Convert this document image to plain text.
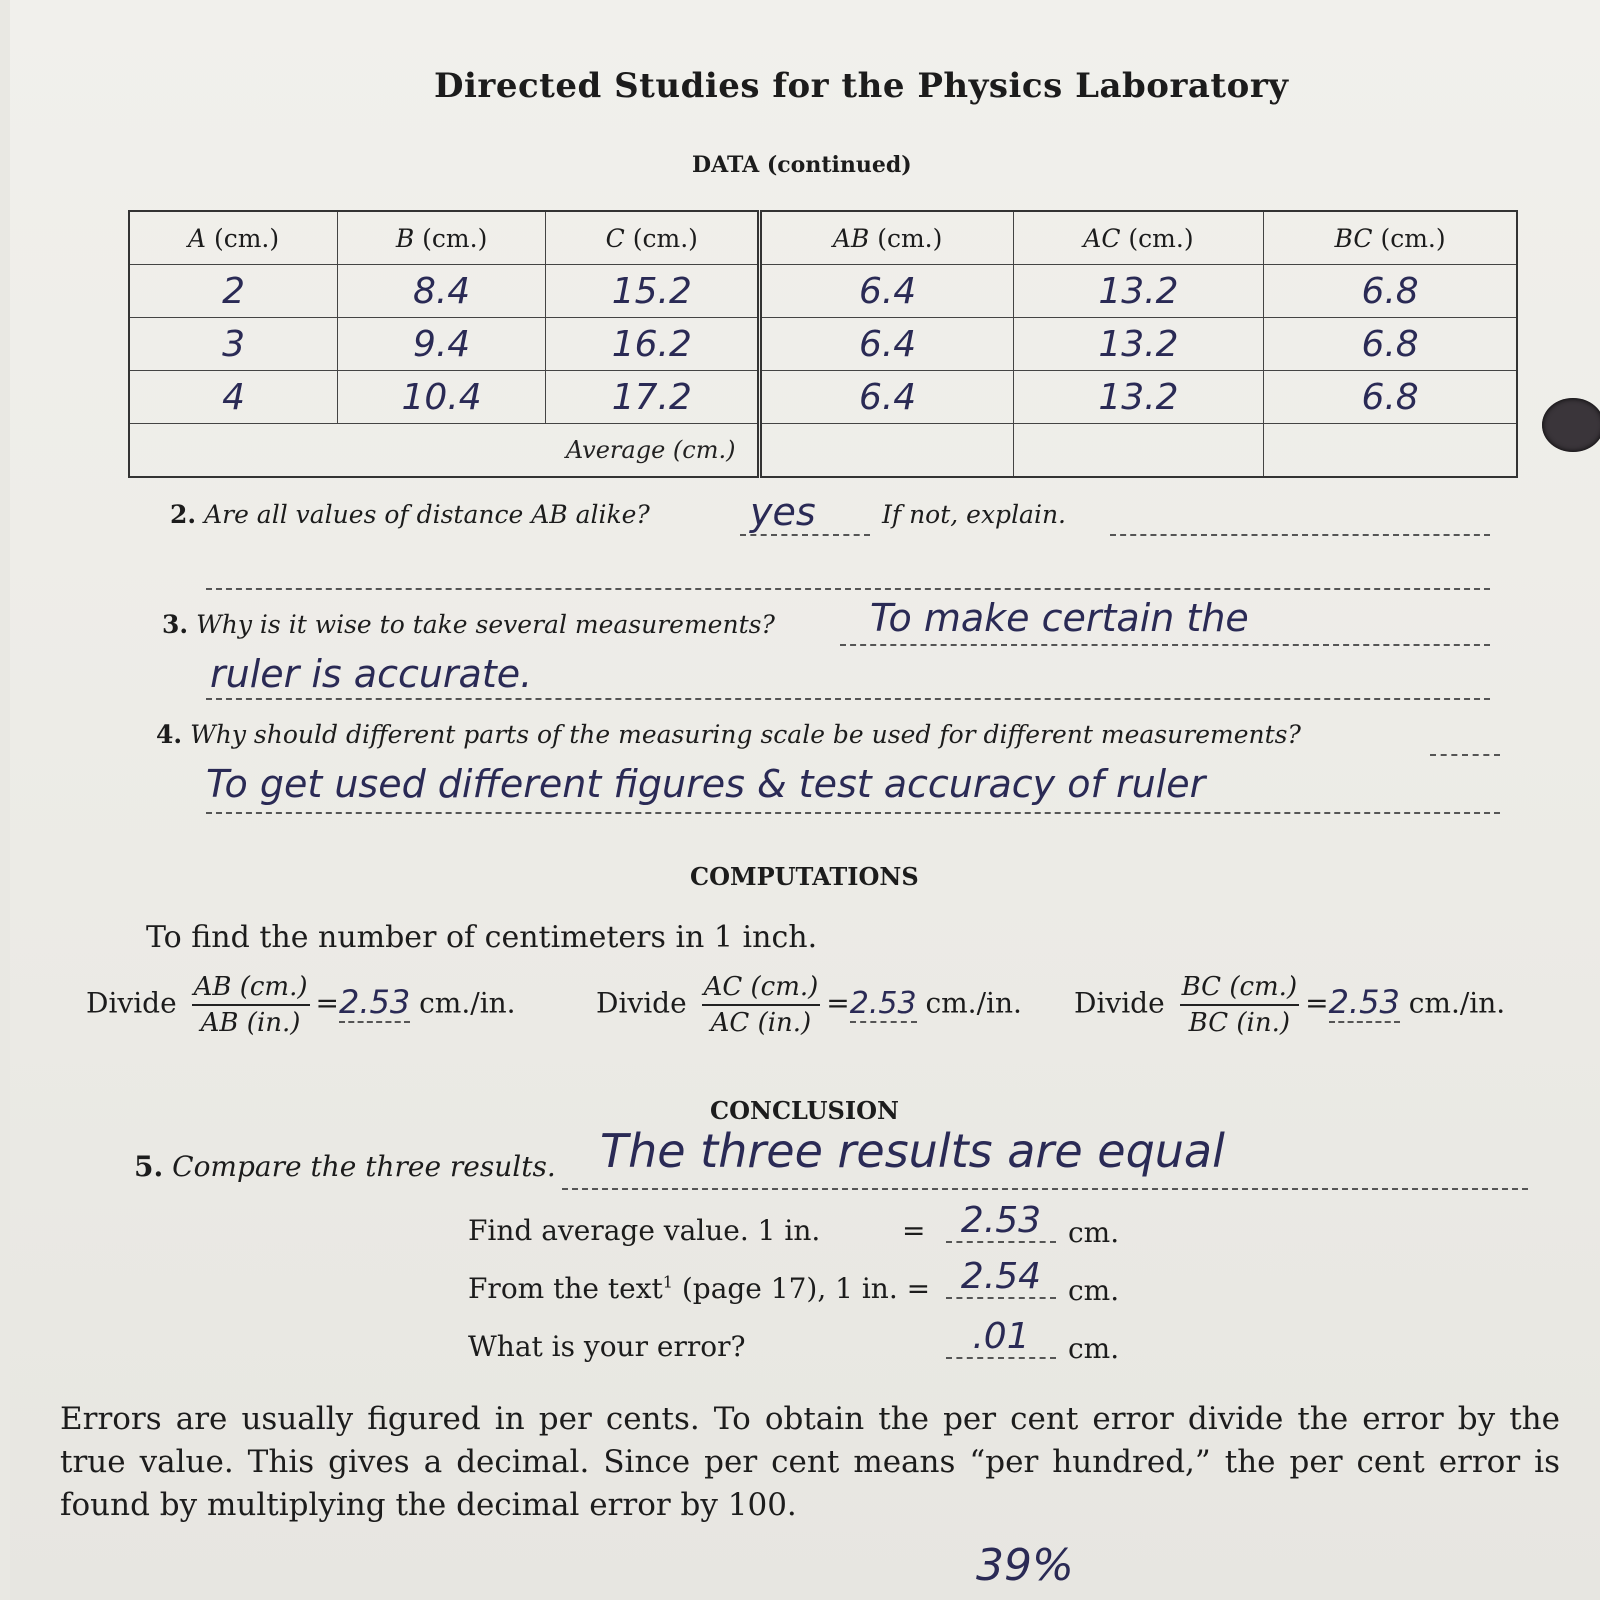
Directed Studies for the Physics Laboratory
DATA (continued)
A (cm.)	B (cm.)	C (cm.)	AB (cm.)	AC (cm.)	BC (cm.)
2	8.4	15.2	6.4	13.2	6.8
3	9.4	16.2	6.4	13.2	6.8
4	10.4	17.2	6.4	13.2	6.8
Average (cm.)					
2. Are all values of distance AB alike?	yes	If not, explain.
3. Why is it wise to take several measurements?	To make certain the
ruler is accurate.
4. Why should different parts of the measuring scale be used for different measurements?
To get used different figures & test accuracy of ruler
COMPUTATIONS
To find the number of centimeters in 1 inch.
Divide $\frac{AB (cm.)}{AB (in.)} =2.53$ cm./in.	Divide $\frac{AC (cm.)}{AC (in.)} =2.53$ cm./in. Divide $\frac{BC (cm.)}{BC (in.)} =2.53$ cm./in.
CONCLUSION
5. Compare the three results. The three results are equal
Find average value. 1 in.	= 2.53 cm.
From the text$^1$ (page 17), 1 in. = 2.54 cm.
What is your error?	.01	cm.
Errors are usually figured in per cents. To obtain the per cent error divide the error by the true value. This gives a decimal. Since per cent means “per hundred,” the per cent error is found by multiplying the decimal error by 100.
39%
